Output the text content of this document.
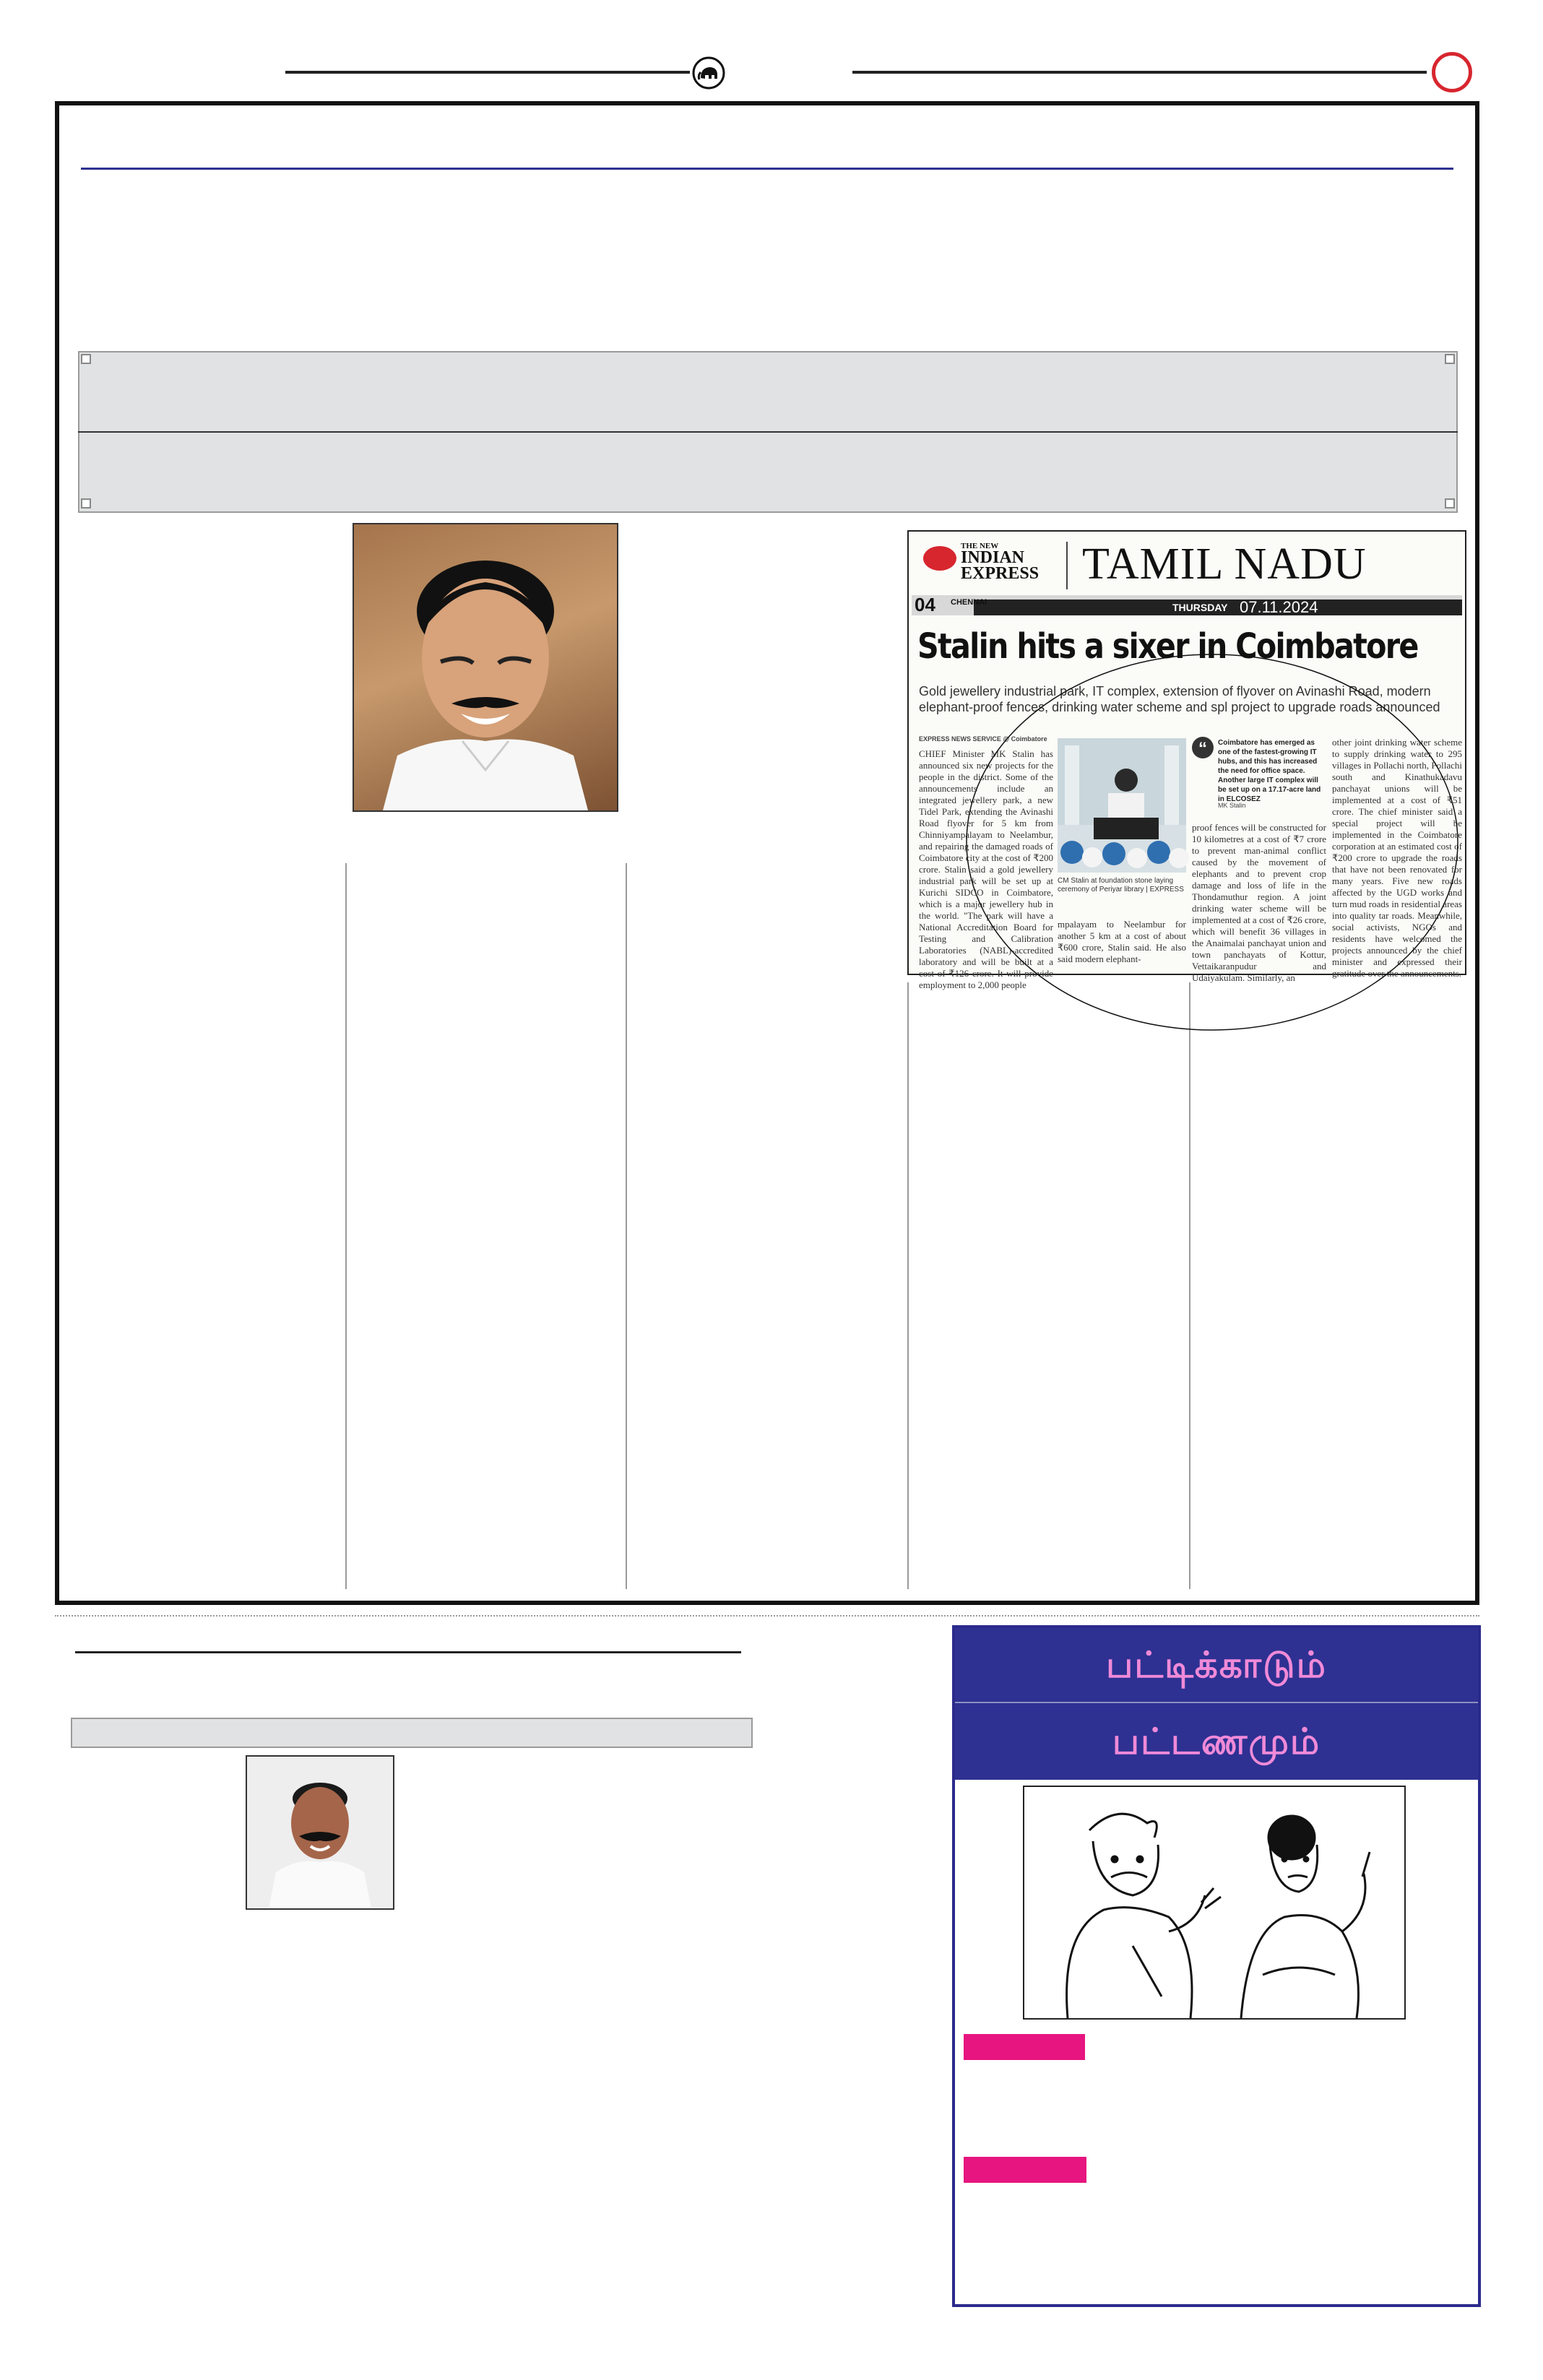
THE NEW
INDIAN
EXPRESS TAMIL NADU
04 CHENNAI	THURSDAY 07.11.2024
Stalin hits a sixer in Coimbatore
Gold jewellery industrial park, IT complex, extension of flyover on Avinashi Road, modern elephant-proof fences, drinking water scheme and spl project to upgrade roads announced
EXPRESS NEWS SERVICE @ Coimbatore
CHIEF Minister MK Stalin has announced six new projects for the people in the district. Some of the announcements include an integrated jewellery park, a new Tidel Park, extending the Avinashi Road flyover for 5 km from Chinniyampalayam to Neelambur, and repairing the damaged roads of Coimbatore city at the cost of ₹200 crore. Stalin said a gold jewellery industrial park will be set up at Kurichi SIDCO in Coimbatore, which is a major jewellery hub in the world. "The park will have a National Accreditation Board for Testing and Calibration Laboratories (NABL)-accredited laboratory and will be built at a cost of ₹126 crore. It will provide employment to 2,000 people
CM Stalin at foundation stone laying ceremony of Periyar library | EXPRESS
mpalayam to Neelambur for another 5 km at a cost of about ₹600 crore, Stalin said. He also said modern elephant-
“	Coimbatore has emerged as one of the fastest-growing IT hubs, and this has increased the need for office space. Another large IT complex will be set up on a 17.17-acre land in ELCOSEZ
MK Stalin
proof fences will be constructed for 10 kilometres at a cost of ₹7 crore to prevent man-animal conflict caused by the movement of elephants and to prevent crop damage and loss of life in the Thondamuthur region. A joint drinking water scheme will be implemented at a cost of ₹26 crore, which will benefit 36 villages in the Anaimalai panchayat union and town panchayats of Kottur, Vettaikaranpudur and Udaiyakulam. Similarly, an
other joint drinking water scheme to supply drinking water to 295 villages in Pollachi north, Pollachi south and Kinathukadavu panchayat unions will be implemented at a cost of ₹51 crore. The chief minister said a special project will be implemented in the Coimbatore corporation at an estimated cost of ₹200 crore to upgrade the roads that have not been renovated for many years. Five new roads affected by the UGD works and turn mud roads in residential areas into quality tar roads. Meanwhile, social activists, NGOs and residents have welcomed the projects announced by the chief minister and expressed their gratitude over the announcements.
பட்டிக்காடும்
பட்டணமும்
